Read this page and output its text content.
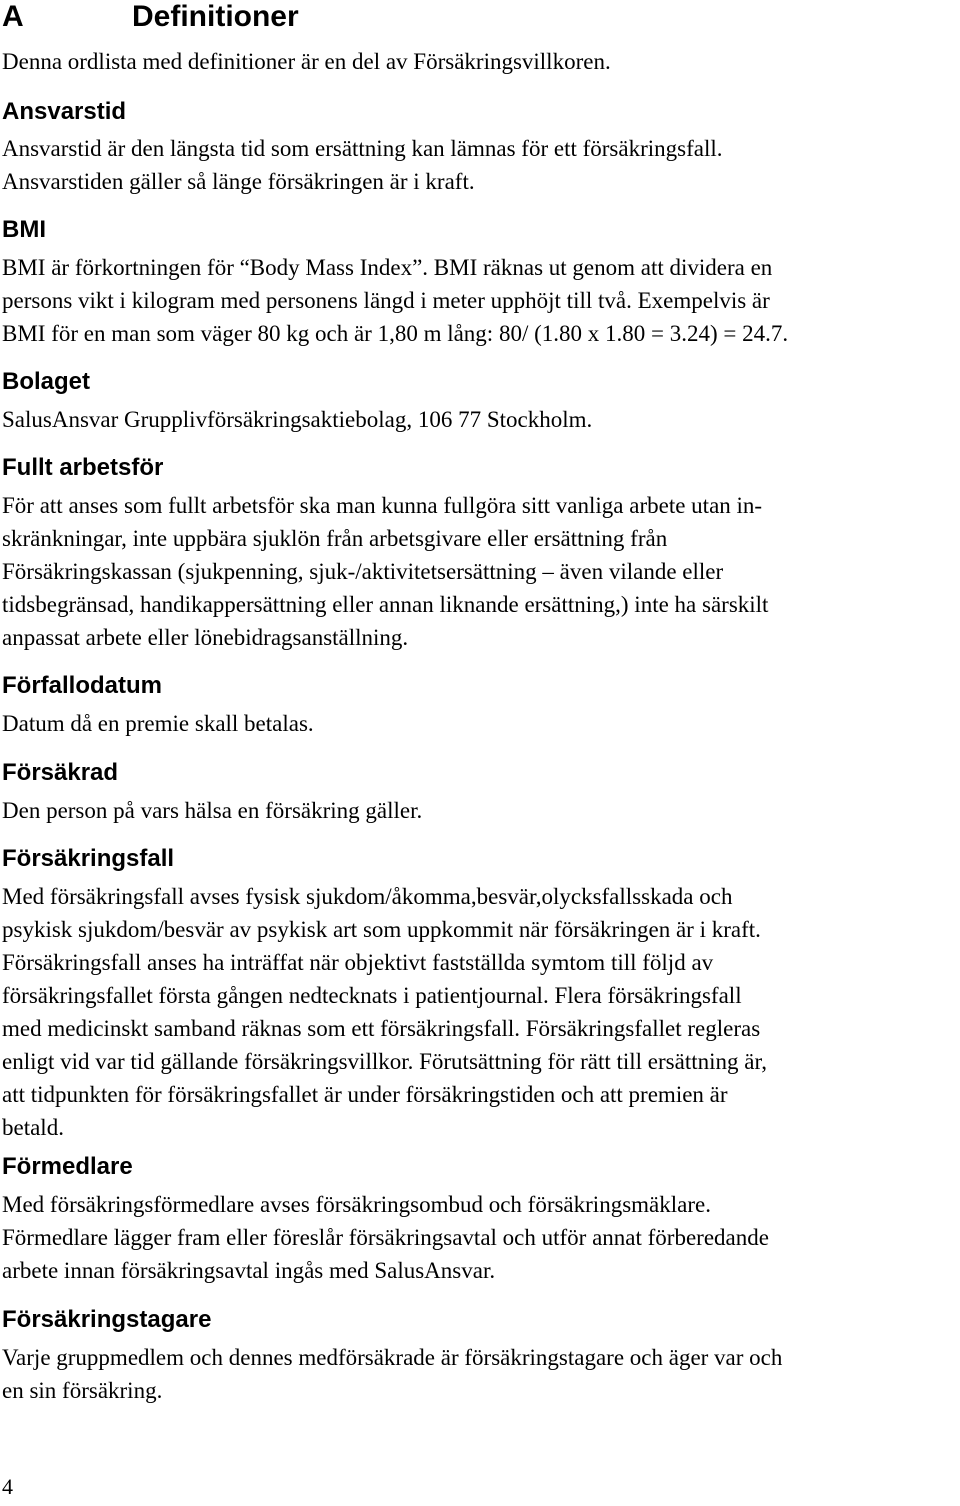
A	Definitioner

Denna ordlista med definitioner är en del av Försäkringsvillkoren.

Ansvarstid
Ansvarstid är den längsta tid som ersättning kan lämnas för ett försäkringsfall.
Ansvarstiden gäller så länge försäkringen är i kraft.
BMI
BMI är förkortningen för “Body Mass Index”. BMI räknas ut genom att dividera en
persons vikt i kilogram med personens längd i meter upphöjt till två. Exempelvis är
BMI för en man som väger 80 kg och är 1,80 m lång: 80/ (1.80 x 1.80 = 3.24) = 24.7.
Bolaget
SalusAnsvar Grupplivförsäkringsaktiebolag, 106 77 Stockholm.
Fullt arbetsför
För att anses som fullt arbetsför ska man kunna fullgöra sitt vanliga arbete utan in-
skränkningar, inte uppbära sjuklön från arbetsgivare eller ersättning från
Försäkringskassan (sjukpenning, sjuk-/aktivitetsersättning – även vilande eller
tidsbegränsad, handikappersättning eller annan liknande ersättning,) inte ha särskilt
anpassat arbete eller lönebidragsanställning.
Förfallodatum
Datum då en premie skall betalas.
Försäkrad
Den person på vars hälsa en försäkring gäller.
Försäkringsfall
Med försäkringsfall avses fysisk sjukdom/åkomma,besvär,olycksfallsskada och
psykisk sjukdom/besvär av psykisk art som uppkommit när försäkringen är i kraft.
Försäkringsfall anses ha inträffat när objektivt fastställda symtom till följd av
försäkringsfallet första gången nedtecknats i patientjournal. Flera försäkringsfall
med medicinskt samband räknas som ett försäkringsfall. Försäkringsfallet regleras
enligt vid var tid gällande försäkringsvillkor. Förutsättning för rätt till ersättning är,
att tidpunkten för försäkringsfallet är under försäkringstiden och att premien är
betald.
Förmedlare
Med försäkringsförmedlare avses försäkringsombud och försäkringsmäklare.
Förmedlare lägger fram eller föreslår försäkringsavtal och utför annat förberedande
arbete innan försäkringsavtal ingås med SalusAnsvar.
Försäkringstagare
Varje gruppmedlem och dennes medförsäkrade är försäkringstagare och äger var och
en sin försäkring.
4
